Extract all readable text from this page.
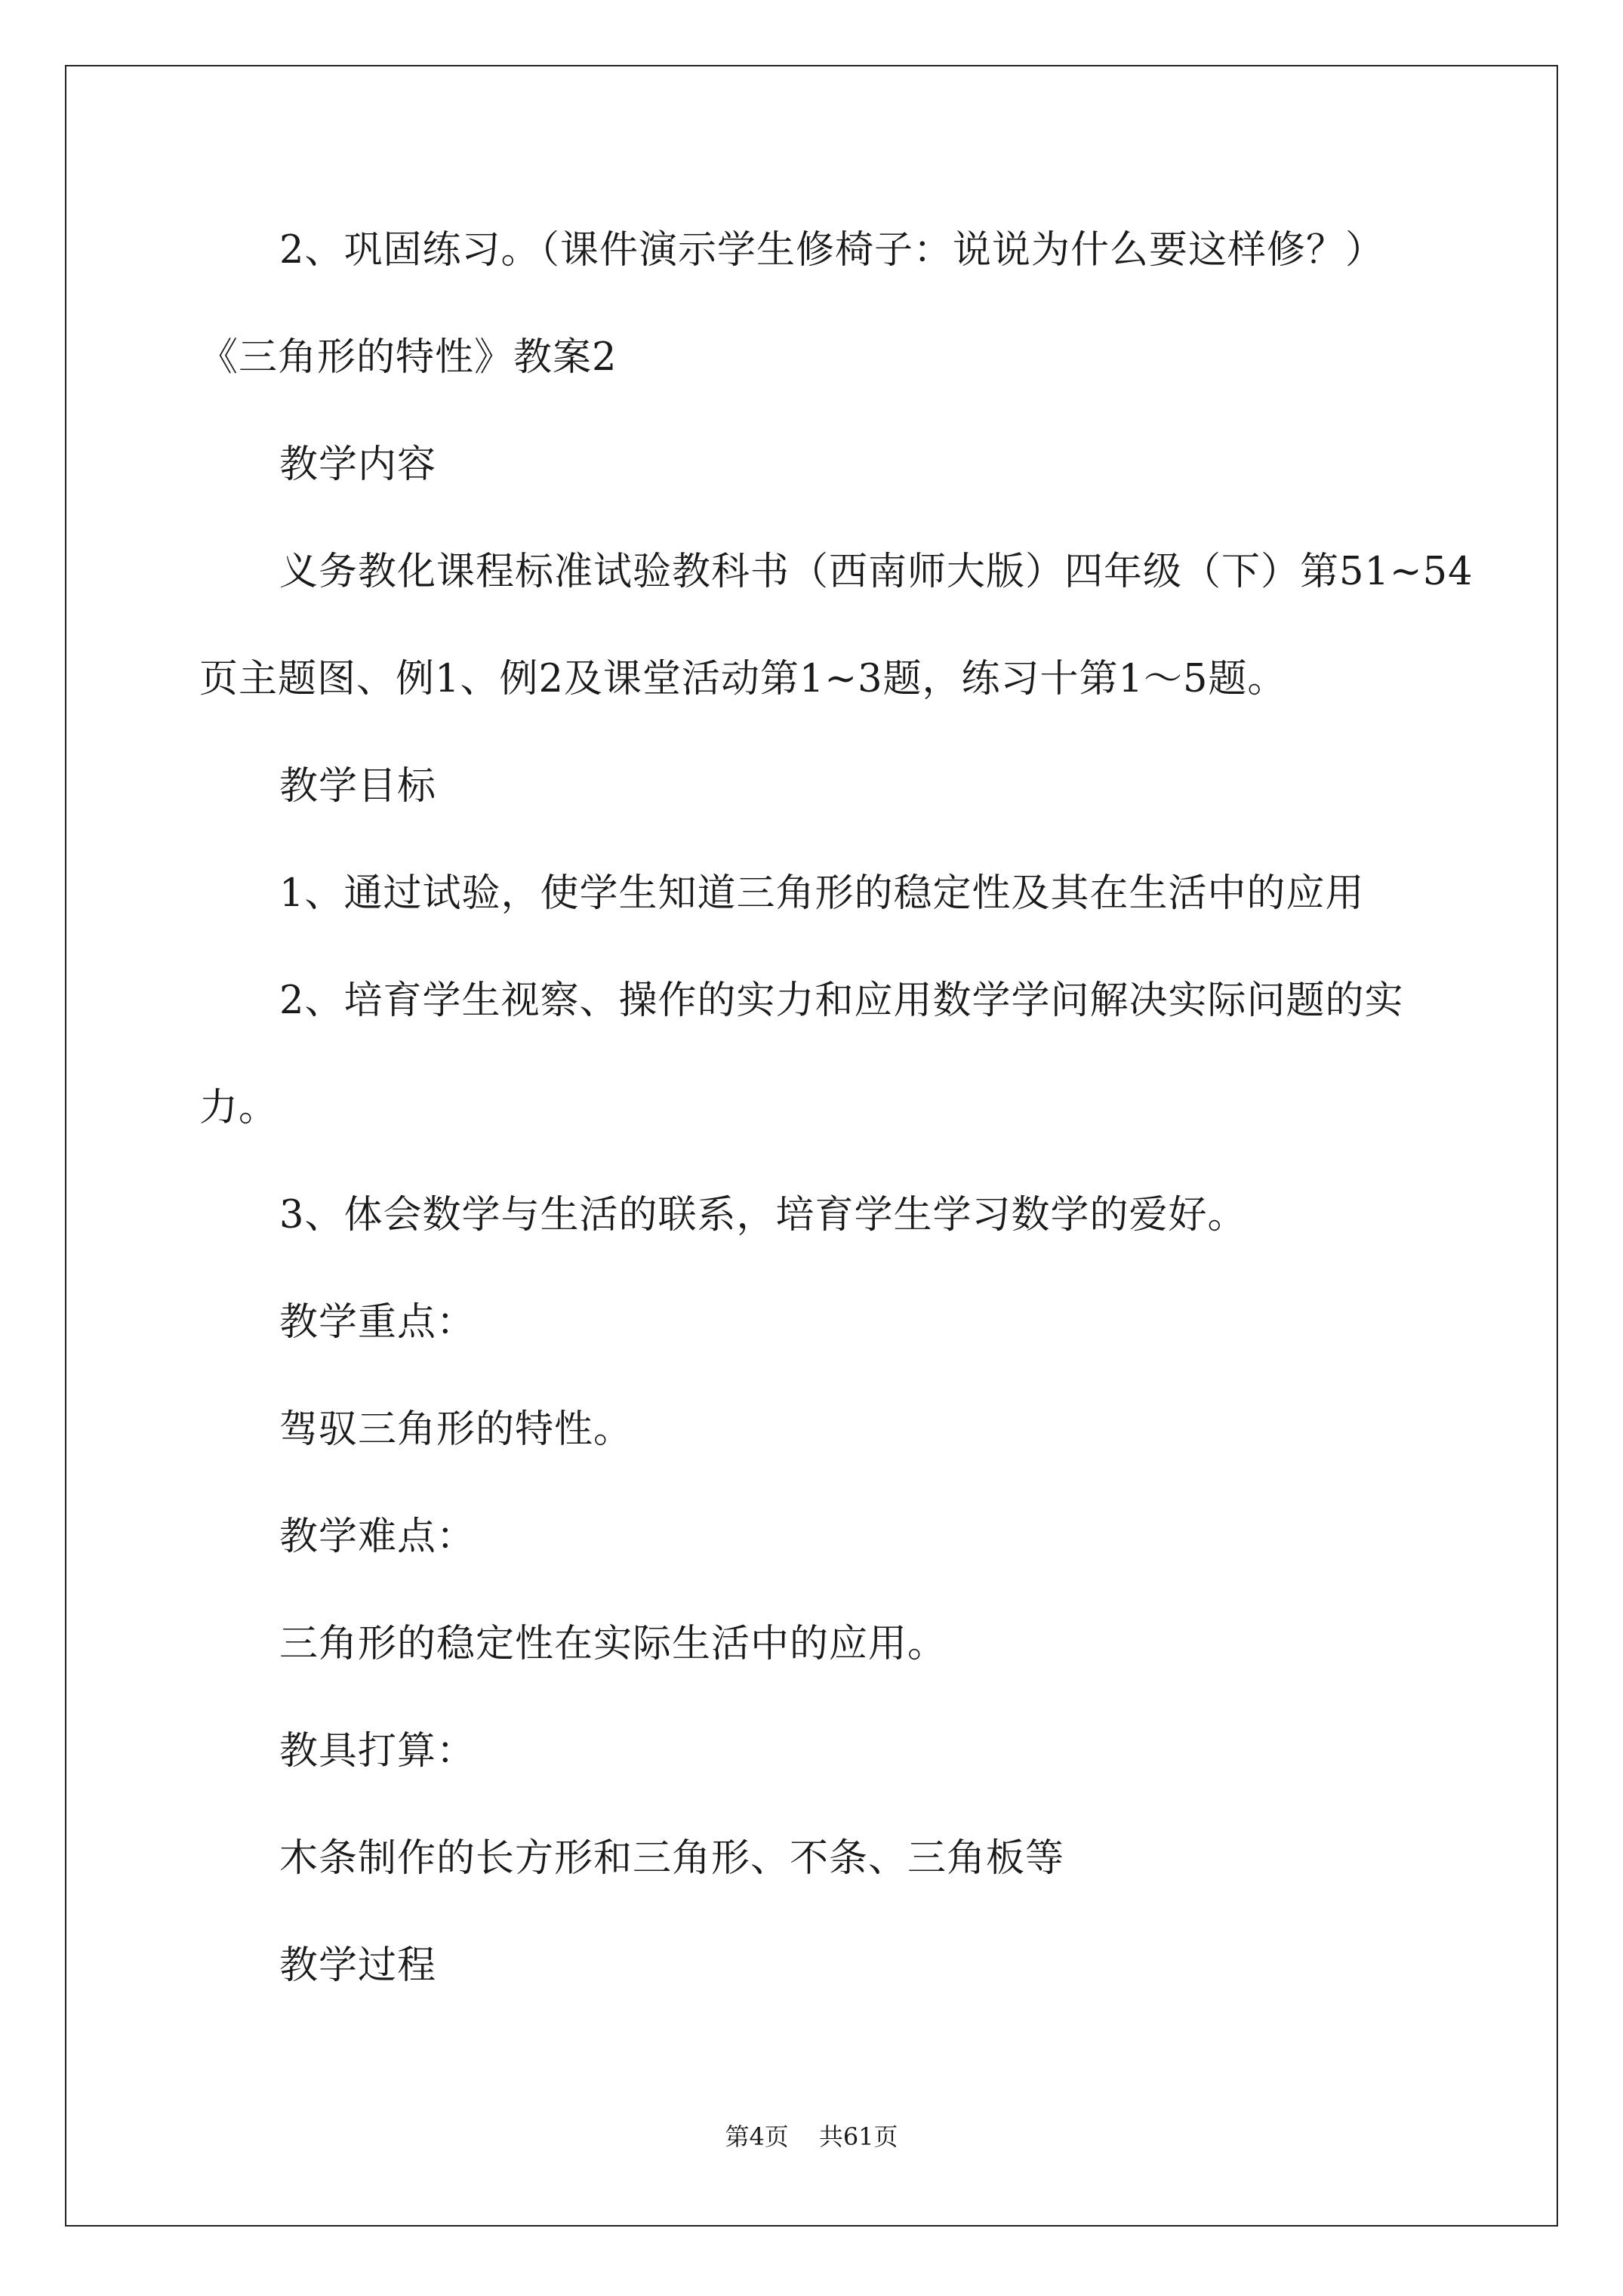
2、巩固练习。（课件演示学生修椅子：说说为什么要这样修？）
《三角形的特性》教案2
教学内容
义务教化课程标准试验教科书（西南师大版）四年级（下）第51~54
页主题图、例1、例2及课堂活动第1~3题，练习十第1～5题。
教学目标
1、通过试验，使学生知道三角形的稳定性及其在生活中的应用
2、培育学生视察、操作的实力和应用数学学问解决实际问题的实
力。
3、体会数学与生活的联系，培育学生学习数学的爱好。
教学重点：
驾驭三角形的特性。
教学难点：
三角形的稳定性在实际生活中的应用。
教具打算：
木条制作的长方形和三角形、不条、三角板等
教学过程
第4页 共61页
